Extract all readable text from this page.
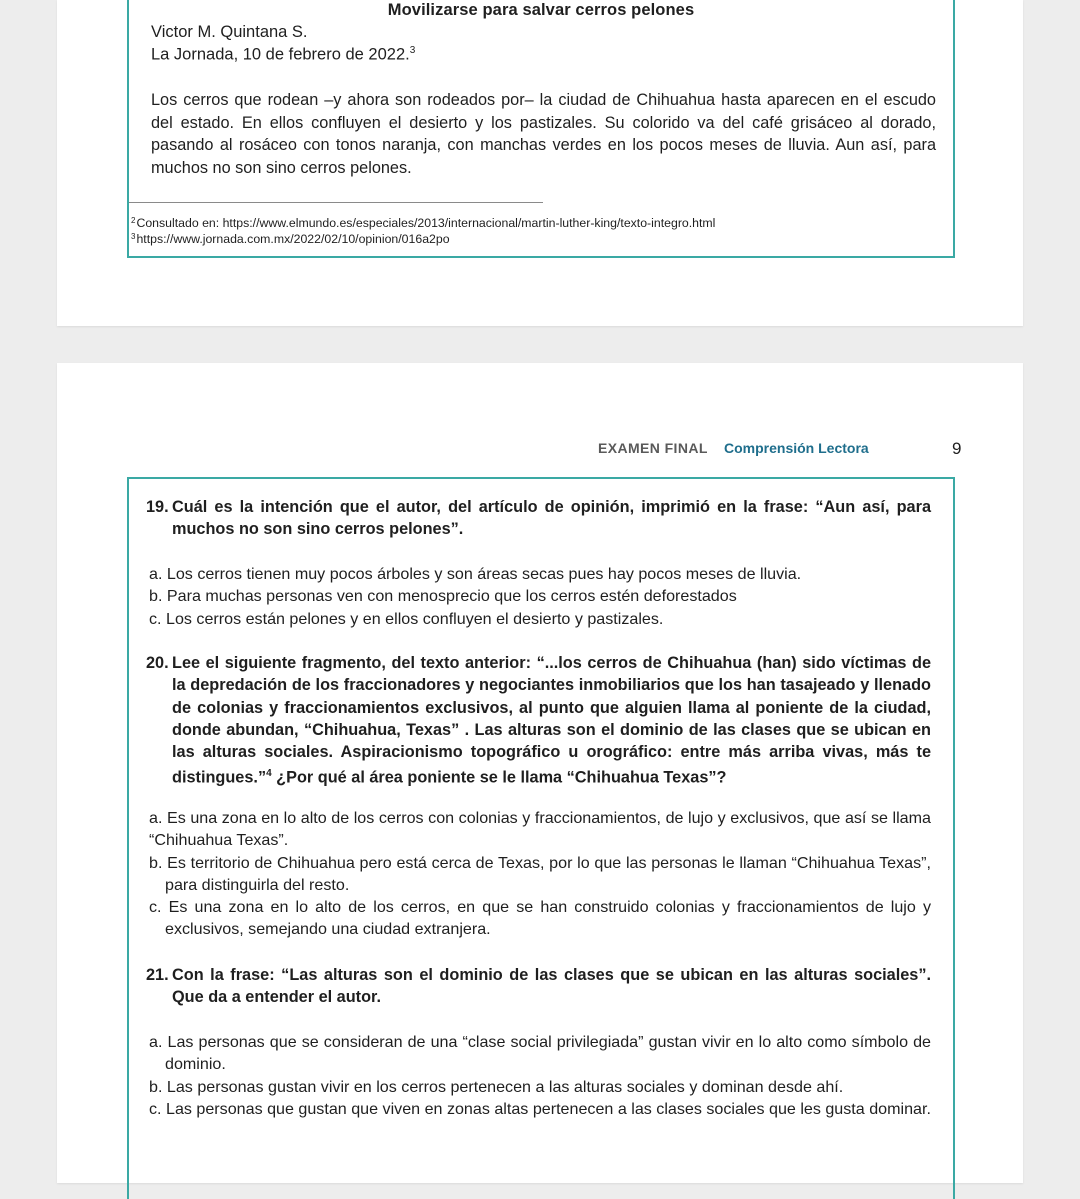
Movilizarse para salvar cerros pelones
Victor M. Quintana S.
La Jornada, 10 de febrero de 2022.$^3$
Los cerros que rodean –y ahora son rodeados por– la ciudad de Chihuahua hasta aparecen en el escudo del estado. En ellos confluyen el desierto y los pastizales. Su colorido va del café grisáceo al dorado, pasando al rosáceo con tonos naranja, con manchas verdes en los pocos meses de lluvia. Aun así, para muchos no son sino cerros pelones.
$^2$Consultado en: https://www.elmundo.es/especiales/2013/internacional/martin-luther-king/texto-integro.html
$^3$https://www.jornada.com.mx/2022/02/10/opinion/016a2po
EXAMEN FINAL Comprensión Lectora	9
19. Cuál es la intención que el autor, del artículo de opinión, imprimió en la frase: “Aun así, para muchos no son sino cerros pelones”.
a. Los cerros tienen muy pocos árboles y son áreas secas pues hay pocos meses de lluvia.
b. Para muchas personas ven con menosprecio que los cerros estén deforestados
c. Los cerros están pelones y en ellos confluyen el desierto y pastizales.
20. Lee el siguiente fragmento, del texto anterior: “...los cerros de Chihuahua (han) sido víctimas de la depredación de los fraccionadores y negociantes inmobiliarios que los han tasajeado y llenado de colonias y fraccionamientos exclusivos, al punto que alguien llama al poniente de la ciudad, donde abundan, “Chihuahua, Texas” . Las alturas son el dominio de las clases que se ubican en las alturas sociales. Aspiracionismo topográfico u orográfico: entre más arriba vivas, más te distingues.”$^4$ ¿Por qué al área poniente se le llama “Chihuahua Texas”?
a. Es una zona en lo alto de los cerros con colonias y fraccionamientos, de lujo y exclusivos, que así se llama “Chihuahua Texas”.
b. Es territorio de Chihuahua pero está cerca de Texas, por lo que las personas le llaman “Chihuahua Texas”, para distinguirla del resto.
c. Es una zona en lo alto de los cerros, en que se han construido colonias y fraccionamientos de lujo y exclusivos, semejando una ciudad extranjera.
21. Con la frase: “Las alturas son el dominio de las clases que se ubican en las alturas sociales”. Que da a entender el autor.
a. Las personas que se consideran de una “clase social privilegiada” gustan vivir en lo alto como símbolo de dominio.
b. Las personas gustan vivir en los cerros pertenecen a las alturas sociales y dominan desde ahí.
c. Las personas que gustan que viven en zonas altas pertenecen a las clases sociales que les gusta dominar.
